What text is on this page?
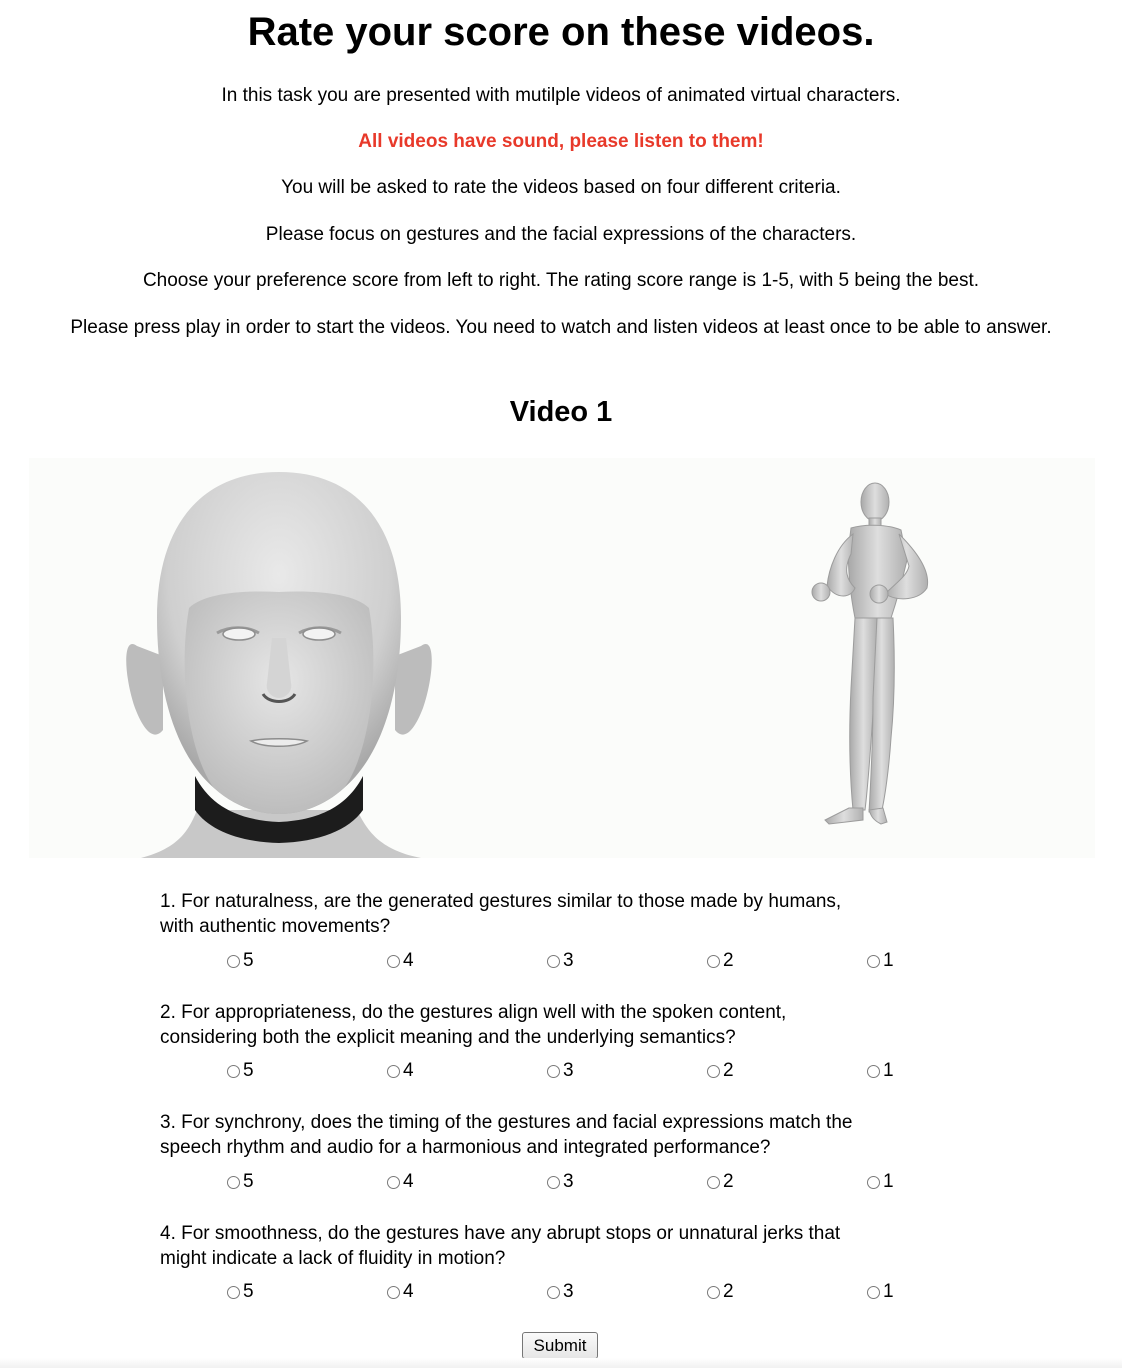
Rate your score on these videos.
In this task you are presented with mutilple videos of animated virtual characters.
All videos have sound, please listen to them!
You will be asked to rate the videos based on four different criteria.
Please focus on gestures and the facial expressions of the characters.
Choose your preference score from left to right. The rating score range is 1-5, with 5 being the best.
Please press play in order to start the videos. You need to watch and listen videos at least once to be able to answer.
Video 1
1. For naturalness, are the generated gestures similar to those made by humans,
with authentic movements?
5	4	3	2	1
2. For appropriateness, do the gestures align well with the spoken content,
considering both the explicit meaning and the underlying semantics?
5	4	3	2	1
3. For synchrony, does the timing of the gestures and facial expressions match the
speech rhythm and audio for a harmonious and integrated performance?
5	4	3	2	1
4. For smoothness, do the gestures have any abrupt stops or unnatural jerks that
might indicate a lack of fluidity in motion?
5	4	3	2	1
Submit
